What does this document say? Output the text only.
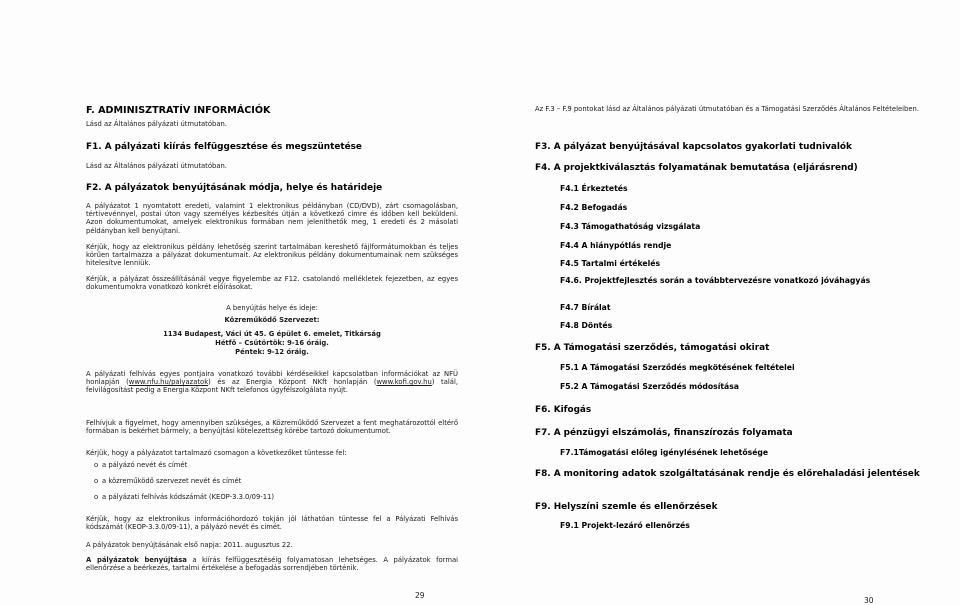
F. ADMINISZTRATÍV INFORMÁCIÓK
Lásd az Általános pályázati útmutatóban.
F1. A pályázati kiírás felfüggesztése és megszüntetése
Lásd az Általános pályázati útmutatóban.
F2. A pályázatok benyújtásának módja, helye és határideje
A pályázatot 1 nyomtatott eredeti, valamint 1 elektronikus példányban (CD/DVD), zárt csomagolásban, tértivevénnyel, postai úton vagy személyes kézbesítés útján a következő címre és időben kell beküldeni. Azon dokumentumokat, amelyek elektronikus formában nem jeleníthetők meg, 1 eredeti és 2 másolati példányban kell benyújtani.
Kérjük, hogy az elektronikus példány lehetőség szerint tartalmában kereshető fájlformátumokban és teljes körűen tartalmazza a pályázat dokumentumait. Az elektronikus példány dokumentumainak nem szükséges hitelesítve lenniük.
Kérjük, a pályázat összeállításánál vegye figyelembe az F12. csatolandó mellékletek fejezetben, az egyes dokumentumokra vonatkozó konkrét előírásokat.
A benyújtás helye és ideje:
Közreműködő Szervezet:
1134 Budapest, Váci út 45. G épület 6. emelet, Titkárság
Hétfő – Csütörtök: 9-16 óráig.
Péntek: 9-12 óráig.
A pályázati felhívás egyes pontjaira vonatkozó további kérdéseikkel kapcsolatban információkat az NFÜ honlapján (www.nfu.hu/palyazatok) és az Energia Központ NKft honlapján (www.kofi.gov.hu) talál, felvilágosítást pedig a Energia Központ NKft telefonos ügyfélszolgálata nyújt.
Felhívjuk a figyelmet, hogy amennyiben szükséges, a Közreműködő Szervezet a fent meghatározottól eltérő formában is bekérhet bármely, a benyújtási kötelezettség körébe tartozó dokumentumot.
Kérjük, hogy a pályázatot tartalmazó csomagon a következőket tüntesse fel:
o a pályázó nevét és címét
o a közreműködő szervezet nevét és címét
o a pályázati felhívás kódszámát (KEOP-3.3.0/09-11)
Kérjük, hogy az elektronikus információhordozó tokján jól láthatóan tüntesse fel a Pályázati Felhívás kódszámát (KEOP-3.3.0/09-11), a pályázó nevét és címét.
A pályázatok benyújtásának első napja: 2011. augusztus 22.
A pályázatok benyújtása a kiírás felfüggesztéséig folyamatosan lehetséges. A pályázatok formai ellenőrzése a beérkezés, tartalmi értékelése a befogadás sorrendjében történik.
29
Az F.3 – F.9 pontokat lásd az Általános pályázati útmutatóban és a Támogatási Szerződés Általános Feltételeiben.
F3. A pályázat benyújtásával kapcsolatos gyakorlati tudnivalók
F4. A projektkiválasztás folyamatának bemutatása (eljárásrend)
F4.1 Érkeztetés
F4.2 Befogadás
F4.3 Támogathatóság vizsgálata
F4.4 A hiánypótlás rendje
F4.5 Tartalmi értékelés
F4.6. Projektfejlesztés során a továbbtervezésre vonatkozó jóváhagyás
F4.7 Bírálat
F4.8 Döntés
F5. A Támogatási szerződés, támogatási okirat
F5.1 A Támogatási Szerződés megkötésének feltételei
F5.2 A Támogatási Szerződés módosítása
F6. Kifogás
F7. A pénzügyi elszámolás, finanszírozás folyamata
F7.1Támogatási előleg igénylésének lehetősége
F8. A monitoring adatok szolgáltatásának rendje és előrehaladási jelentések
F9. Helyszíni szemle és ellenőrzések
F9.1 Projekt-lezáró ellenőrzés
30
